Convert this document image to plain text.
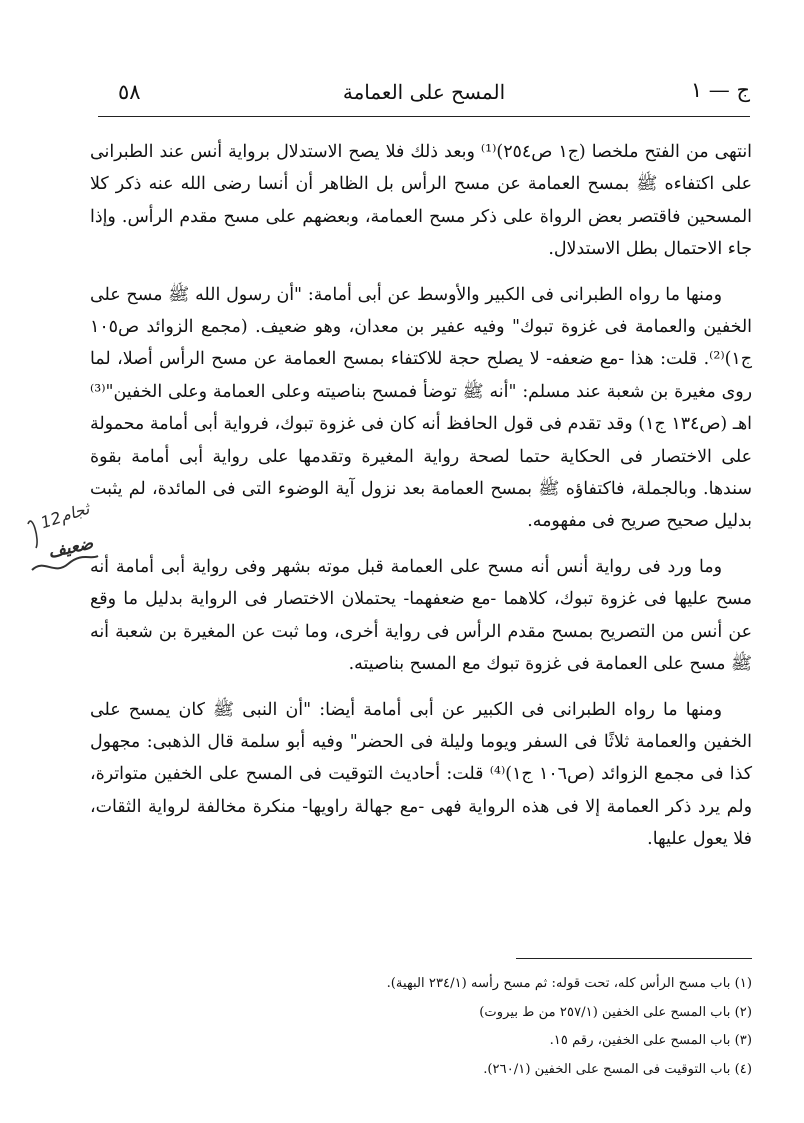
ج — ١
المسح على العمامة
٥٨

انتهى من الفتح ملخصا (ج١ ص٢٥٤)⁽¹⁾ وبعد ذلك فلا يصح الاستدلال برواية أنس عند الطبرانى على اكتفاءه ﷺ بمسح العمامة عن مسح الرأس بل الظاهر أن أنسا رضى الله عنه ذكر كلا المسحين فاقتصر بعض الرواة على ذكر مسح العمامة، وبعضهم على مسح مقدم الرأس. وإذا جاء الاحتمال بطل الاستدلال.

ومنها ما رواه الطبرانى فى الكبير والأوسط عن أبى أمامة: "أن رسول الله ﷺ مسح على الخفين والعمامة فى غزوة تبوك" وفيه عفير بن معدان، وهو ضعيف. (مجمع الزوائد ص١٠٥ ج١)⁽²⁾. قلت: هذا -مع ضعفه- لا يصلح حجة للاكتفاء بمسح العمامة عن مسح الرأس أصلا، لما روى مغيرة بن شعبة عند مسلم: "أنه ﷺ توضأ فمسح بناصيته وعلى العمامة وعلى الخفين"⁽³⁾ اهـ (ص١٣٤ ج١) وقد تقدم فى قول الحافظ أنه كان فى غزوة تبوك، فرواية أبى أمامة محمولة على الاختصار فى الحكاية حتما لصحة رواية المغيرة وتقدمها على رواية أبى أمامة بقوة سندها. وبالجملة، فاكتفاؤه ﷺ بمسح العمامة بعد نزول آية الوضوء التى فى المائدة، لم يثبت بدليل صحيح صريح فى مفهومه.

وما ورد فى رواية أنس أنه مسح على العمامة قبل موته بشهر وفى رواية أبى أمامة أنه مسح عليها فى غزوة تبوك، كلاهما -مع ضعفهما- يحتملان الاختصار فى الرواية بدليل ما وقع عن أنس من التصريح بمسح مقدم الرأس فى رواية أخرى، وما ثبت عن المغيرة بن شعبة أنه ﷺ مسح على العمامة فى غزوة تبوك مع المسح بناصيته.

ومنها ما رواه الطبرانى فى الكبير عن أبى أمامة أيضا: "أن النبى ﷺ كان يمسح على الخفين والعمامة ثلاثًا فى السفر ويوما وليلة فى الحضر" وفيه أبو سلمة قال الذهبى: مجهول كذا فى مجمع الزوائد (ص١٠٦ ج١)⁽⁴⁾ قلت: أحاديث التوقيت فى المسح على الخفين متواترة، ولم يرد ذكر العمامة إلا فى هذه الرواية فهى -مع جهالة راويها- منكرة مخالفة لرواية الثقات، فلا يعول عليها.

(١) باب مسح الرأس كله، تحت قوله: ثم مسح رأسه (٢٣٤/١ البهية).
(٢) باب المسح على الخفين (٢٥٧/١ من ط بيروت)
(٣) باب المسح على الخفين، رقم ١٥.
(٤) باب التوقيت فى المسح على الخفين (٢٦٠/١).
12ثجام
ضعیف
